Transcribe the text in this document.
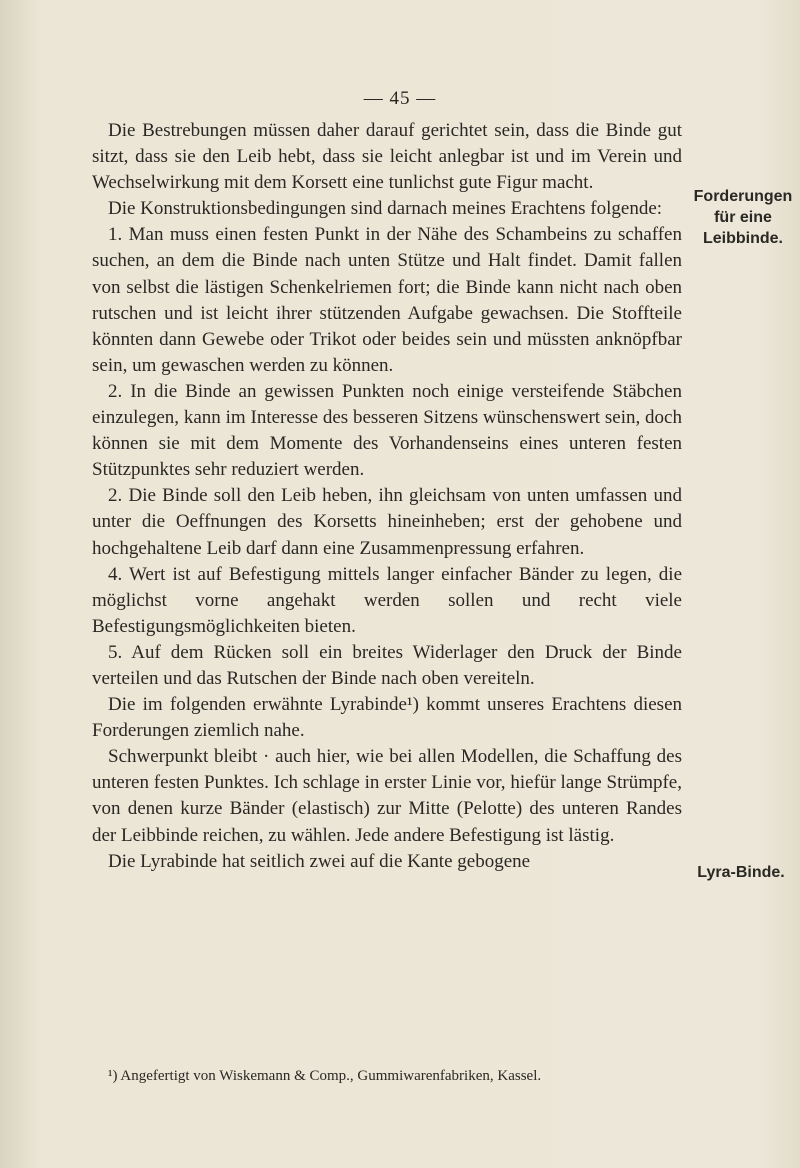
— 45 —

Die Bestrebungen müssen daher darauf gerichtet sein, dass die Binde gut sitzt, dass sie den Leib hebt, dass sie leicht anlegbar ist und im Verein und Wechselwirkung mit dem Korsett eine tunlichst gute Figur macht.

Die Konstruktionsbedingungen sind darnach meines Erachtens folgende:

1. Man muss einen festen Punkt in der Nähe des Schambeins zu schaffen suchen, an dem die Binde nach unten Stütze und Halt findet. Damit fallen von selbst die lästigen Schenkelriemen fort; die Binde kann nicht nach oben rutschen und ist leicht ihrer stützenden Aufgabe gewachsen. Die Stoffteile könnten dann Gewebe oder Trikot oder beides sein und müssten anknöpfbar sein, um gewaschen werden zu können.

2. In die Binde an gewissen Punkten noch einige versteifende Stäbchen einzulegen, kann im Interesse des besseren Sitzens wünschenswert sein, doch können sie mit dem Momente des Vorhandenseins eines unteren festen Stützpunktes sehr reduziert werden.

2. Die Binde soll den Leib heben, ihn gleichsam von unten umfassen und unter die Oeffnungen des Korsetts hineinheben; erst der gehobene und hochgehaltene Leib darf dann eine Zusammenpressung erfahren.

4. Wert ist auf Befestigung mittels langer einfacher Bänder zu legen, die möglichst vorne angehakt werden sollen und recht viele Befestigungsmöglichkeiten bieten.

5. Auf dem Rücken soll ein breites Widerlager den Druck der Binde verteilen und das Rutschen der Binde nach oben vereiteln.

Die im folgenden erwähnte Lyrabinde¹) kommt unseres Erachtens diesen Forderungen ziemlich nahe.

Schwerpunkt bleibt · auch hier, wie bei allen Modellen, die Schaffung des unteren festen Punktes. Ich schlage in erster Linie vor, hiefür lange Strümpfe, von denen kurze Bänder (elastisch) zur Mitte (Pelotte) des unteren Randes der Leibbinde reichen, zu wählen. Jede andere Befestigung ist lästig.

Die Lyrabinde hat seitlich zwei auf die Kante gebogene

Forderungen für eine Leibbinde.
Lyra-Binde.
¹) Angefertigt von Wiskemann & Comp., Gummiwarenfabriken, Kassel.
